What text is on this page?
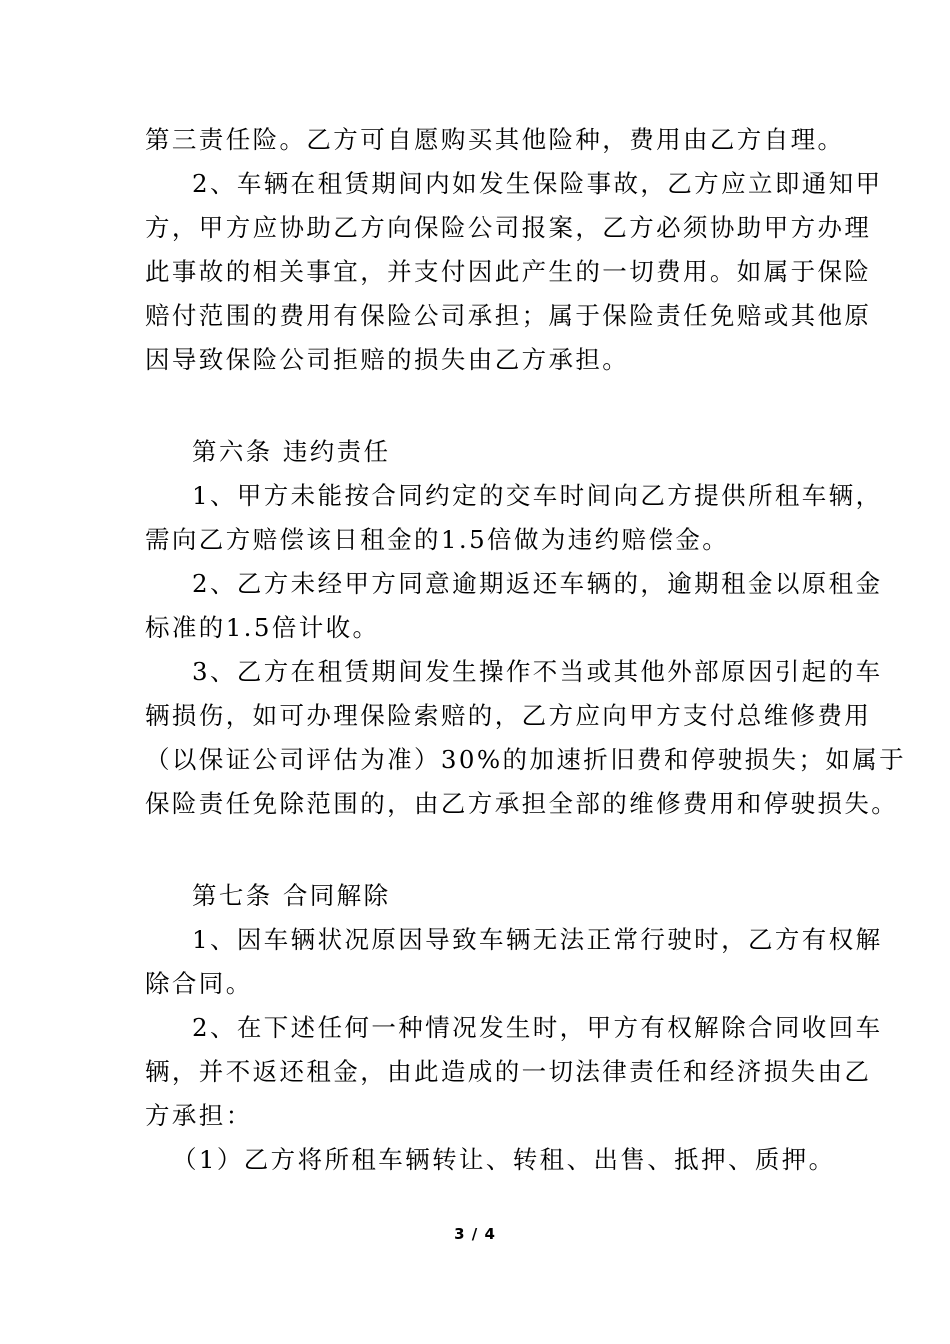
第三责任险。乙方可自愿购买其他险种，费用由乙方自理。
2、车辆在租赁期间内如发生保险事故，乙方应立即通知甲
方，甲方应协助乙方向保险公司报案，乙方必须协助甲方办理
此事故的相关事宜，并支付因此产生的一切费用。如属于保险
赔付范围的费用有保险公司承担；属于保险责任免赔或其他原
因导致保险公司拒赔的损失由乙方承担。
第六条 违约责任
1、甲方未能按合同约定的交车时间向乙方提供所租车辆，
需向乙方赔偿该日租金的1.5倍做为违约赔偿金。
2、乙方未经甲方同意逾期返还车辆的，逾期租金以原租金
标准的1.5倍计收。
3、乙方在租赁期间发生操作不当或其他外部原因引起的车
辆损伤，如可办理保险索赔的，乙方应向甲方支付总维修费用
（以保证公司评估为准）30%的加速折旧费和停驶损失；如属于
保险责任免除范围的，由乙方承担全部的维修费用和停驶损失。
第七条 合同解除
1、因车辆状况原因导致车辆无法正常行驶时，乙方有权解
除合同。
2、在下述任何一种情况发生时，甲方有权解除合同收回车
辆，并不返还租金，由此造成的一切法律责任和经济损失由乙
方承担：
（1）乙方将所租车辆转让、转租、出售、抵押、质押。
3 / 4
